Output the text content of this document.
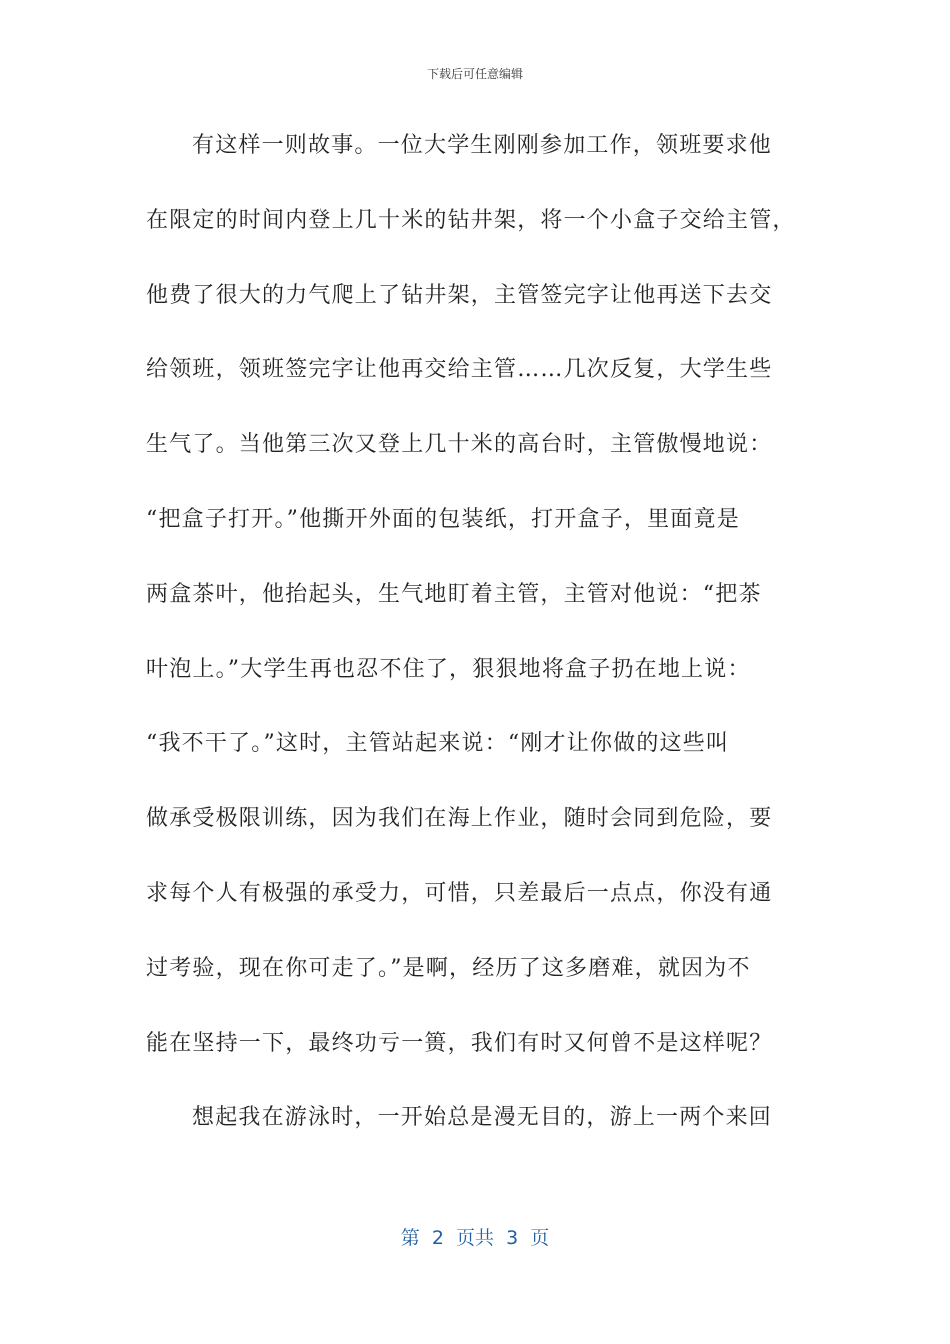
下载后可任意编辑
有这样一则故事。一位大学生刚刚参加工作，领班要求他
在限定的时间内登上几十米的钻井架，将一个小盒子交给主管，
他费了很大的力气爬上了钻井架，主管签完字让他再送下去交
给领班，领班签完字让他再交给主管……几次反复，大学生些
生气了。当他第三次又登上几十米的高台时，主管傲慢地说：
“把盒子打开。”他撕开外面的包装纸，打开盒子，里面竟是
两盒茶叶，他抬起头，生气地盯着主管，主管对他说：“把茶
叶泡上。”大学生再也忍不住了，狠狠地将盒子扔在地上说：
“我不干了。”这时，主管站起来说：“刚才让你做的这些叫
做承受极限训练，因为我们在海上作业，随时会同到危险，要
求每个人有极强的承受力，可惜，只差最后一点点，你没有通
过考验，现在你可走了。”是啊，经历了这多磨难，就因为不
能在坚持一下，最终功亏一篑，我们有时又何曾不是这样呢？
想起我在游泳时，一开始总是漫无目的，游上一两个来回
第  2  页共  3  页
